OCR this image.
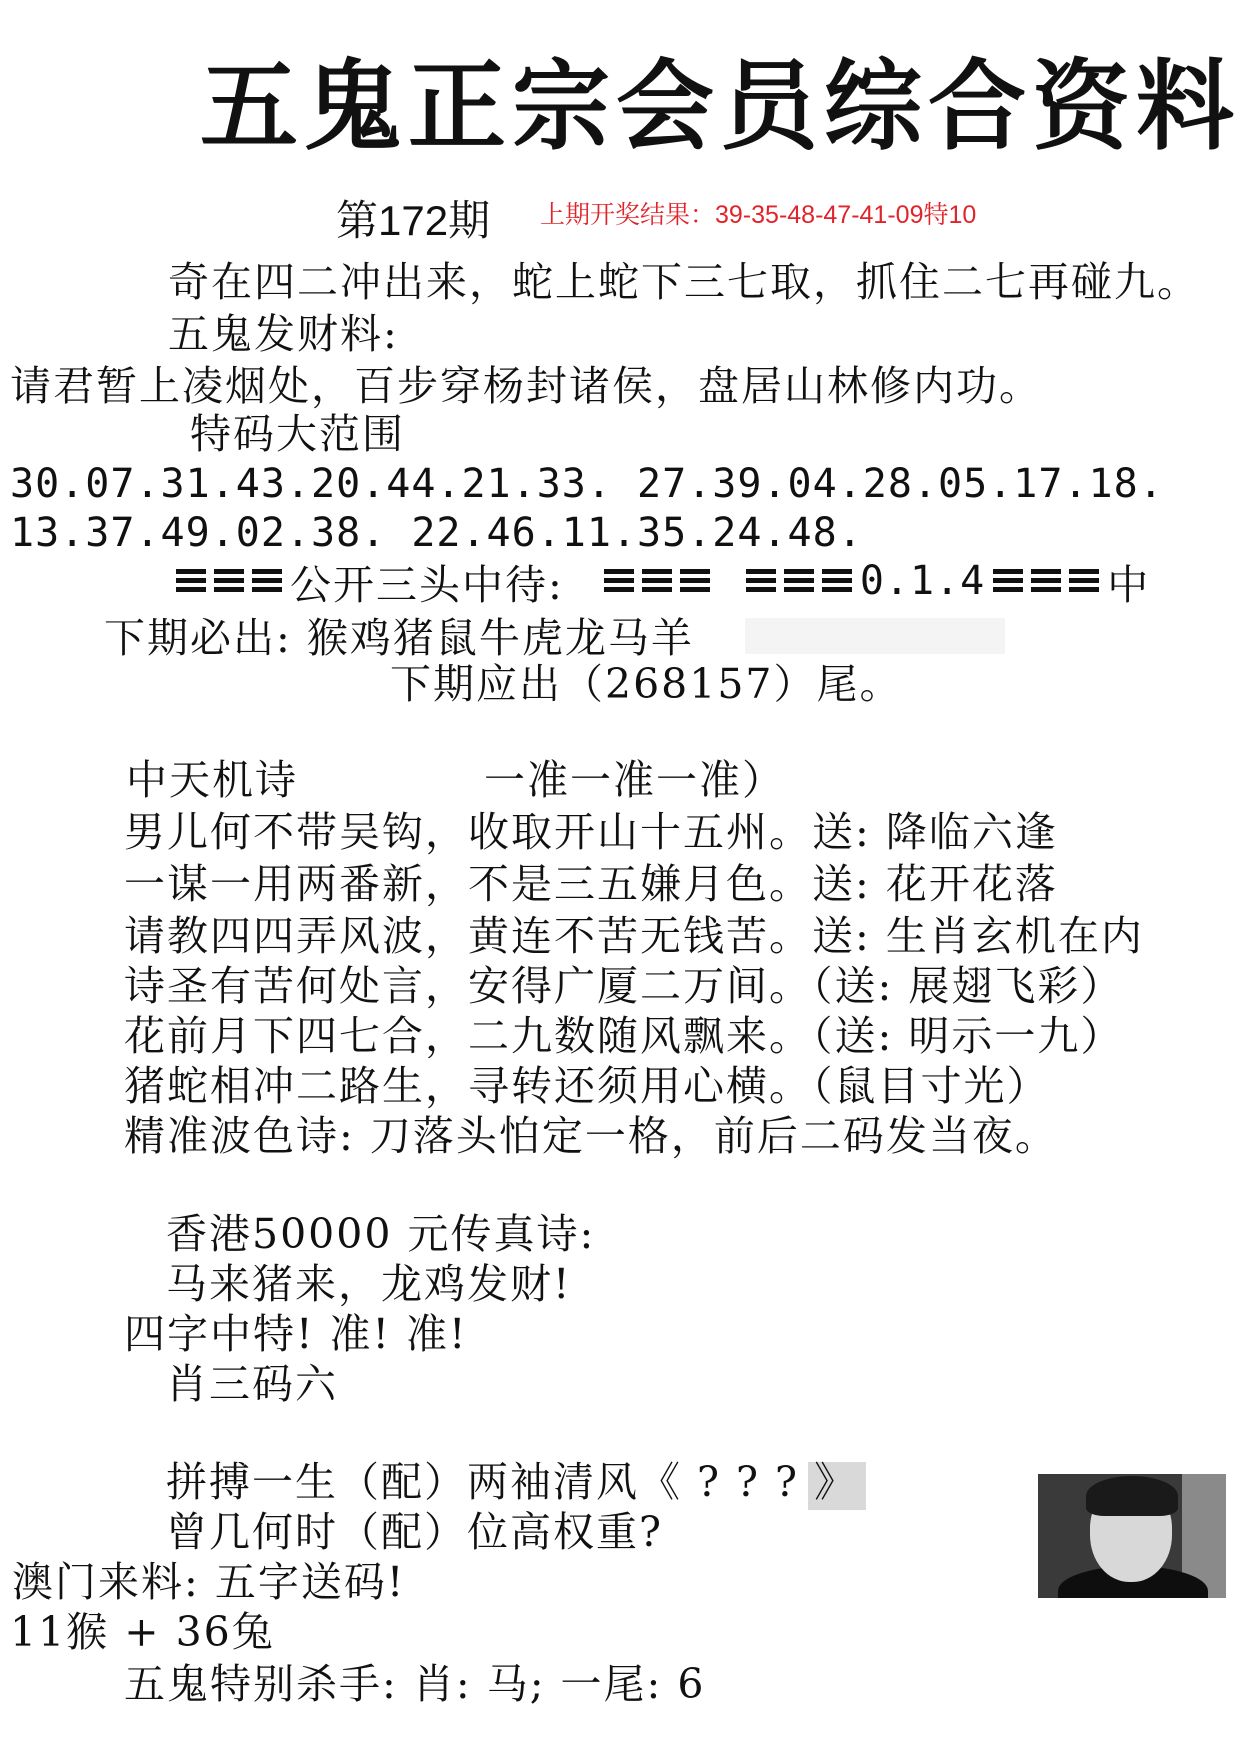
五鬼正宗会员综合资料
第172期 上期开奖结果：39-35-48-47-41-09特10
奇在四二冲出来，蛇上蛇下三七取，抓住二七再碰九。
五鬼发财料:
请君暂上凌烟处，百步穿杨封诸侯，盘居山林修内功。
特码大范围
30.07.31.43.20.44.21.33. 27.39.04.28.05.17.18.
13.37.49.02.38. 22.46.11.35.24.48.
公开三头中待:	0.1.4	中
下期必出: 猴鸡猪鼠牛虎龙马羊
下期应出（268157）尾。
中天机诗	一准一准一准）
男儿何不带吴钩，收取开山十五州。送: 降临六逢
一谋一用两番新，不是三五嫌月色。送: 花开花落
请教四四弄风波，黄连不苦无钱苦。送: 生肖玄机在内
诗圣有苦何处言，安得广厦二万间。（送: 展翅飞彩）
花前月下四七合，二九数随风飘来。（送: 明示一九）
猪蛇相冲二路生，寻转还须用心横。（鼠目寸光）
精准波色诗: 刀落头怕定一格，前后二码发当夜。
香港50000 元传真诗:
马来猪来，龙鸡发财!
四字中特! 准! 准!
肖三码六
拼搏一生（配）两袖清风《 ? ? ? 》
曾几何时（配）位高权重?
澳门来料: 五字送码!
11猴 + 36兔
五鬼特别杀手: 肖: 马; 一尾: 6
